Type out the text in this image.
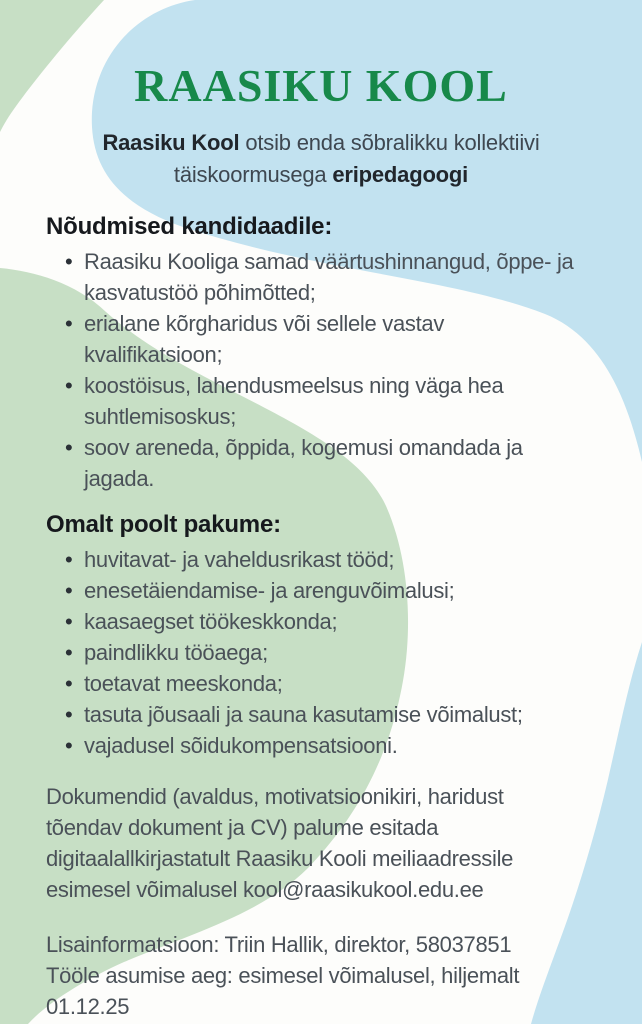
RAASIKU KOOL
Raasiku Kool otsib enda sõbralikku kollektiivi
täiskoormusega eripedagoogi
Nõudmised kandidaadile:
• Raasiku Kooliga samad väärtushinnangud, õppe- ja
kasvatustöö põhimõtted;
• erialane kõrgharidus või sellele vastav
kvalifikatsioon;
• koostöisus, lahendusmeelsus ning väga hea
suhtlemisoskus;
• soov areneda, õppida, kogemusi omandada ja
jagada.
Omalt poolt pakume:
• huvitavat- ja vaheldusrikast tööd;
• enesetäiendamise- ja arenguvõimalusi;
• kaasaegset töökeskkonda;
• paindlikku tööaega;
• toetavat meeskonda;
• tasuta jõusaali ja sauna kasutamise võimalust;
• vajadusel sõidukompensatsiooni.
Dokumendid (avaldus, motivatsioonikiri, haridust
tõendav dokument ja CV) palume esitada
digitaalallkirjastatult Raasiku Kooli meiliaadressile
esimesel võimalusel kool@raasikukool.edu.ee
Lisainformatsioon: Triin Hallik, direktor, 58037851
Tööle asumise aeg: esimesel võimalusel, hiljemalt
01.12.25
